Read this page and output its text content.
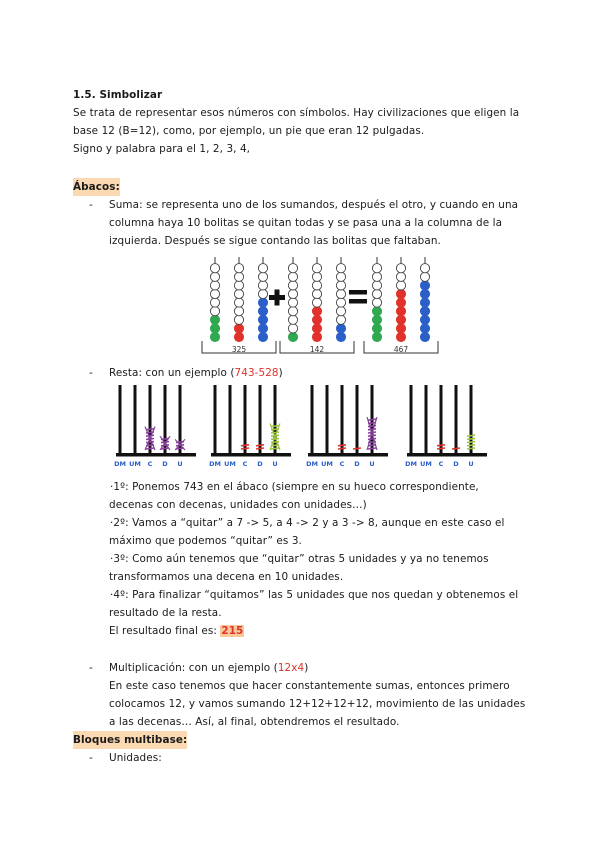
1.5. Simbolizar
Se trata de representar esos números con símbolos. Hay civilizaciones que eligen la
base 12 (B=12), como, por ejemplo, un pie que eran 12 pulgadas.
Signo y palabra para el 1, 2, 3, 4,
Ábacos:
- Suma: se representa uno de los sumandos, después el otro, y cuando en una
columna haya 10 bolitas se quitan todas y se pasa una a la columna de la
izquierda. Después se sigue contando las bolitas que faltaban.
325	142	467
- Resta: con un ejemplo (743-528)
DM UM C D U	DM UM C D U	DM UM C D U	DM UM C D U
·1º: Ponemos 743 en el ábaco (siempre en su hueco correspondiente,
decenas con decenas, unidades con unidades…)
·2º: Vamos a “quitar” a 7 -> 5, a 4 -> 2 y a 3 -> 8, aunque en este caso el
máximo que podemos “quitar” es 3.
·3º: Como aún tenemos que “quitar” otras 5 unidades y ya no tenemos
transformamos una decena en 10 unidades.
·4º: Para finalizar “quitamos” las 5 unidades que nos quedan y obtenemos el
resultado de la resta.
El resultado final es: 215
- Multiplicación: con un ejemplo (12x4)
En este caso tenemos que hacer constantemente sumas, entonces primero
colocamos 12, y vamos sumando 12+12+12+12, movimiento de las unidades
a las decenas… Así, al final, obtendremos el resultado.
Bloques multibase:
- Unidades:
